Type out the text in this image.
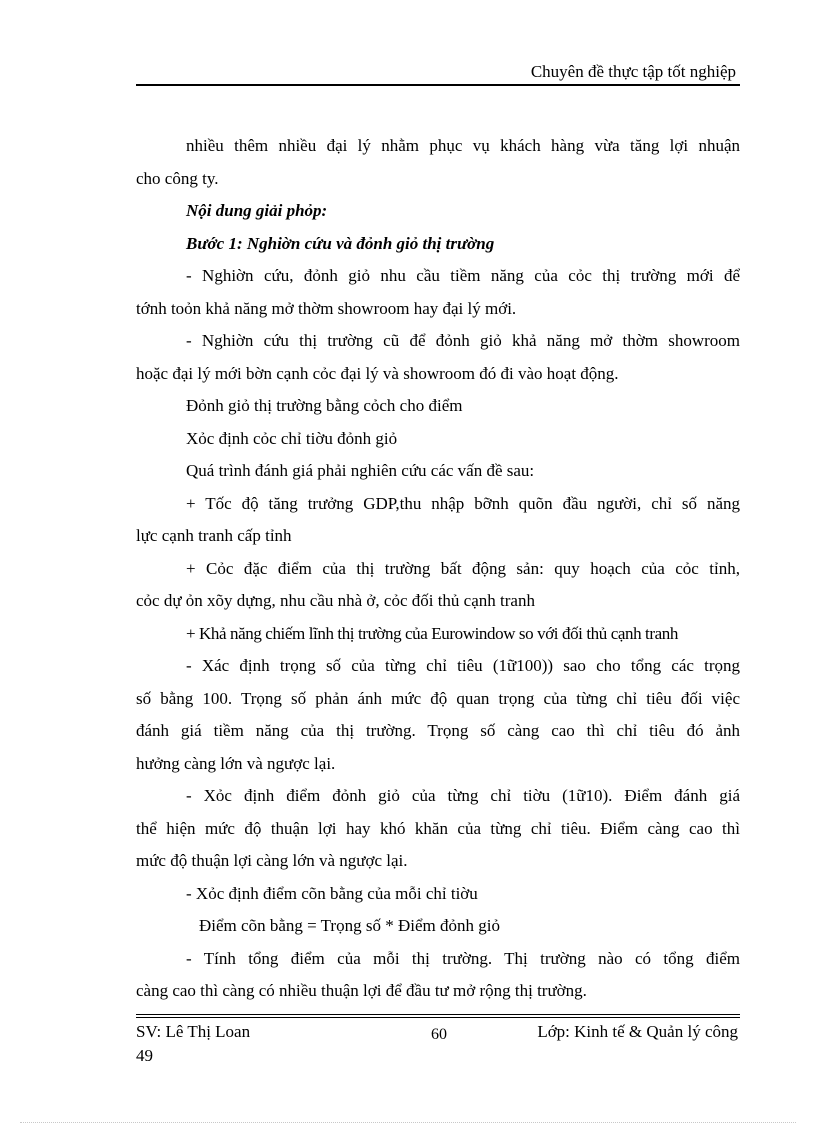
Chuyên đề thực tập tốt nghiệp
nhiều thêm nhiều đại lý nhằm phục vụ khách hàng vừa tăng lợi nhuận
cho công ty.
Nội dung giải phỏp:
Bước 1: Nghiờn cứu và đỏnh giỏ thị trường
- Nghiờn cứu, đỏnh giỏ nhu cầu tiềm năng của cỏc thị trường mới để
tớnh toỏn khả năng mở thờm showroom hay đại lý mới.
- Nghiờn cứu thị trường cũ để đỏnh giỏ khả năng mở thờm showroom
hoặc đại lý mới bờn cạnh cỏc đại lý và showroom đó đi vào hoạt động.
Đỏnh giỏ thị trường bằng cỏch cho điểm
Xỏc định cỏc chỉ tiờu đỏnh giỏ
Quá trình đánh giá phải nghiên cứu các vấn đề sau:
+ Tốc độ tăng trưởng GDP,thu nhập bỡnh quõn đầu người, chỉ số năng
lực cạnh tranh cấp tỉnh
+ Cỏc đặc điểm của thị trường bất động sản: quy hoạch của cỏc tỉnh,
cỏc dự ỏn xõy dựng, nhu cầu nhà ở, cỏc đối thủ cạnh tranh
+ Khả năng chiếm lĩnh thị trường của Eurowindow so với đối thủ cạnh tranh
- Xác định trọng số của từng chỉ tiêu (1ữ100)) sao cho tổng các trọng
số bằng 100. Trọng số phản ánh mức độ quan trọng của từng chỉ tiêu đối việc
đánh giá tiềm năng của thị trường. Trọng số càng cao thì chỉ tiêu đó ảnh
hưởng càng lớn và ngược lại.
- Xỏc định điểm đỏnh giỏ của từng chỉ tiờu (1ữ10). Điểm đánh giá
thể hiện mức độ thuận lợi hay khó khăn của từng chỉ tiêu. Điểm càng cao thì
mức độ thuận lợi càng lớn và ngược lại.
- Xỏc định điểm cõn bằng của mỗi chỉ tiờu
Điểm cõn bằng = Trọng số * Điểm đỏnh giỏ
- Tính tổng điểm của mỗi thị trường. Thị trường nào có tổng điểm
càng cao thì càng có nhiều thuận lợi để đầu tư mở rộng thị trường.
SV: Lê Thị Loan
49
60	Lớp: Kinh tế & Quản lý công
